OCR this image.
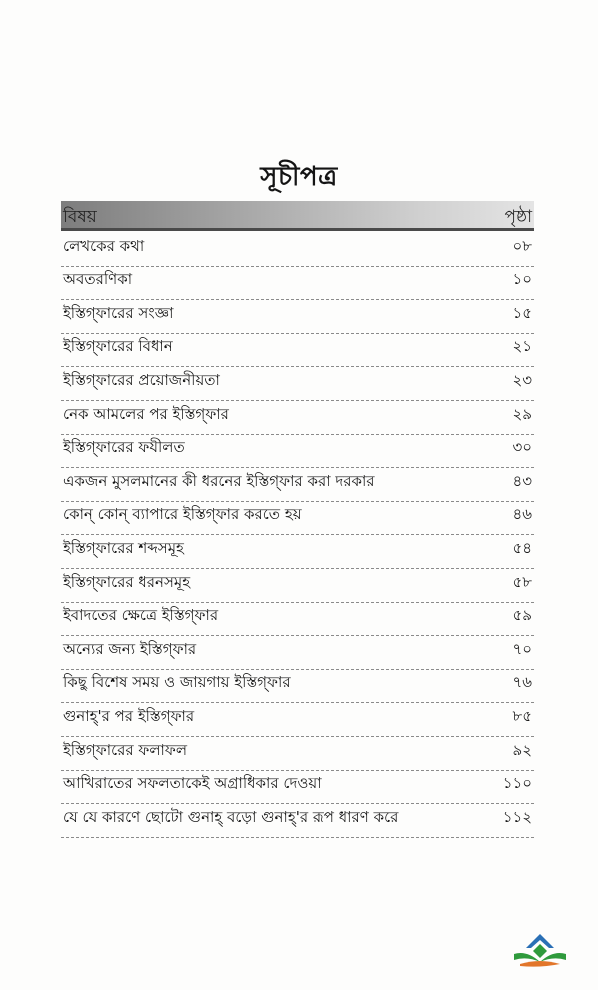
সূচীপত্র
বিষয়	পৃষ্ঠা
লেখকের কথা	০৮
অবতরণিকা	১০
ইস্তিগ্ফারের সংজ্ঞা	১৫
ইস্তিগ্ফারের বিধান	২১
ইস্তিগ্ফারের প্রয়োজনীয়তা	২৩
নেক আমলের পর ইস্তিগ্ফার	২৯
ইস্তিগ্ফারের ফযীলত	৩০
একজন মুসলমানের কী ধরনের ইস্তিগ্ফার করা দরকার	৪৩
কোন্ কোন্ ব্যাপারে ইস্তিগ্ফার করতে হয়	৪৬
ইস্তিগ্ফারের শব্দসমূহ	৫৪
ইস্তিগ্ফারের ধরনসমূহ	৫৮
ইবাদতের ক্ষেত্রে ইস্তিগ্ফার	৫৯
অন্যের জন্য ইস্তিগ্ফার	৭০
কিছু বিশেষ সময় ও জায়গায় ইস্তিগ্ফার	৭৬
গুনাহ্'র পর ইস্তিগ্ফার	৮৫
ইস্তিগ্ফারের ফলাফল	৯২
আখিরাতের সফলতাকেই অগ্রাধিকার দেওয়া	১১০
যে যে কারণে ছোটো গুনাহ্ বড়ো গুনাহ্'র রূপ ধারণ করে	১১২
